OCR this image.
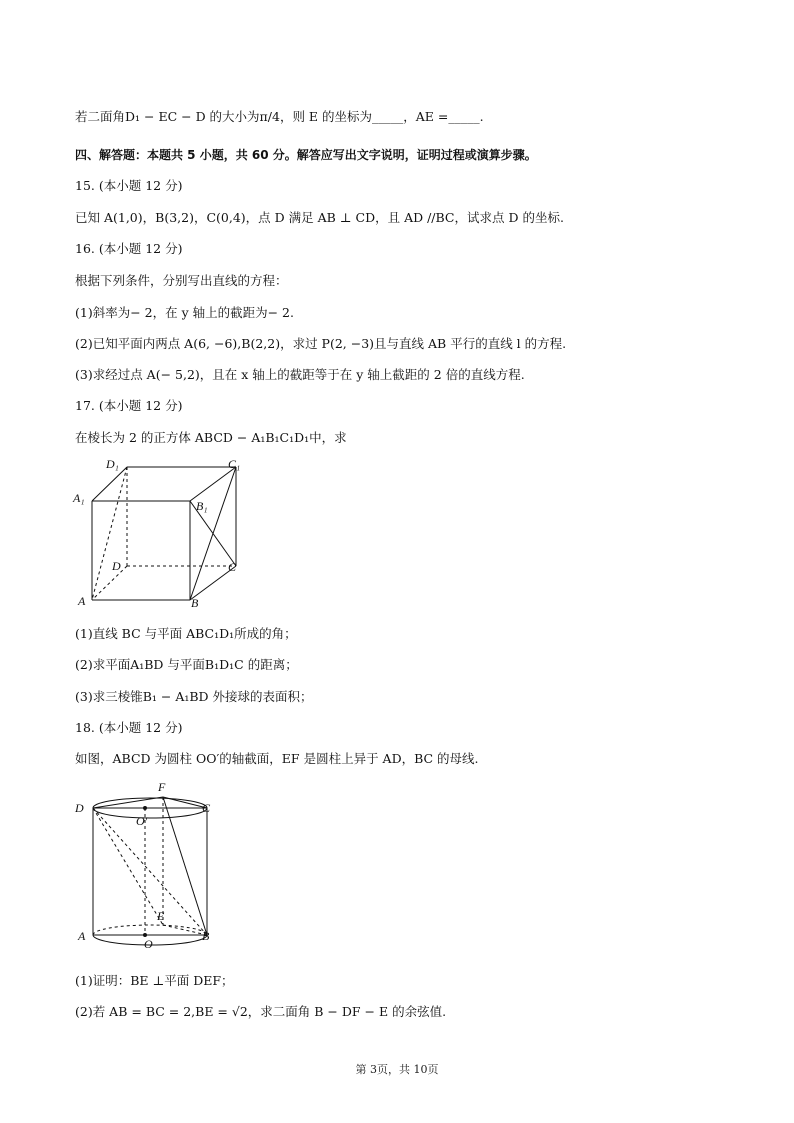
若二面角D₁ − EC − D 的大小为π/4，则 E 的坐标为_____，AE =_____.
四、解答题：本题共 5 小题，共 60 分。解答应写出文字说明，证明过程或演算步骤。
15. (本小题 12 分)
已知 A(1,0)，B(3,2)，C(0,4)，点 D 满足 AB ⊥ CD，且 AD //BC，试求点 D 的坐标.
16. (本小题 12 分)
根据下列条件，分别写出直线的方程：
(1)斜率为− 2，在 y 轴上的截距为− 2.
(2)已知平面内两点 A(6, −6),B(2,2)，求过 P(2, −3)且与直线 AB 平行的直线 l 的方程.
(3)求经过点 A(− 5,2)，且在 x 轴上的截距等于在 y 轴上截距的 2 倍的直线方程.
17. (本小题 12 分)
在棱长为 2 的正方体 ABCD − A₁B₁C₁D₁中，求
D₁	C₁
A₁
B₁
D	C
A	B
(1)直线 BC 与平面 ABC₁D₁所成的角；
(2)求平面A₁BD 与平面B₁D₁C 的距离；
(3)求三棱锥B₁ − A₁BD 外接球的表面积；
18. (本小题 12 分)
如图，ABCD 为圆柱 OO′的轴截面，EF 是圆柱上异于 AD，BC 的母线.
F
D	C
O′
E
A	B
O
(1)证明：BE ⊥平面 DEF；
(2)若 AB = BC = 2,BE = √2，求二面角 B − DF − E 的余弦值.
第 3页，共 10页
